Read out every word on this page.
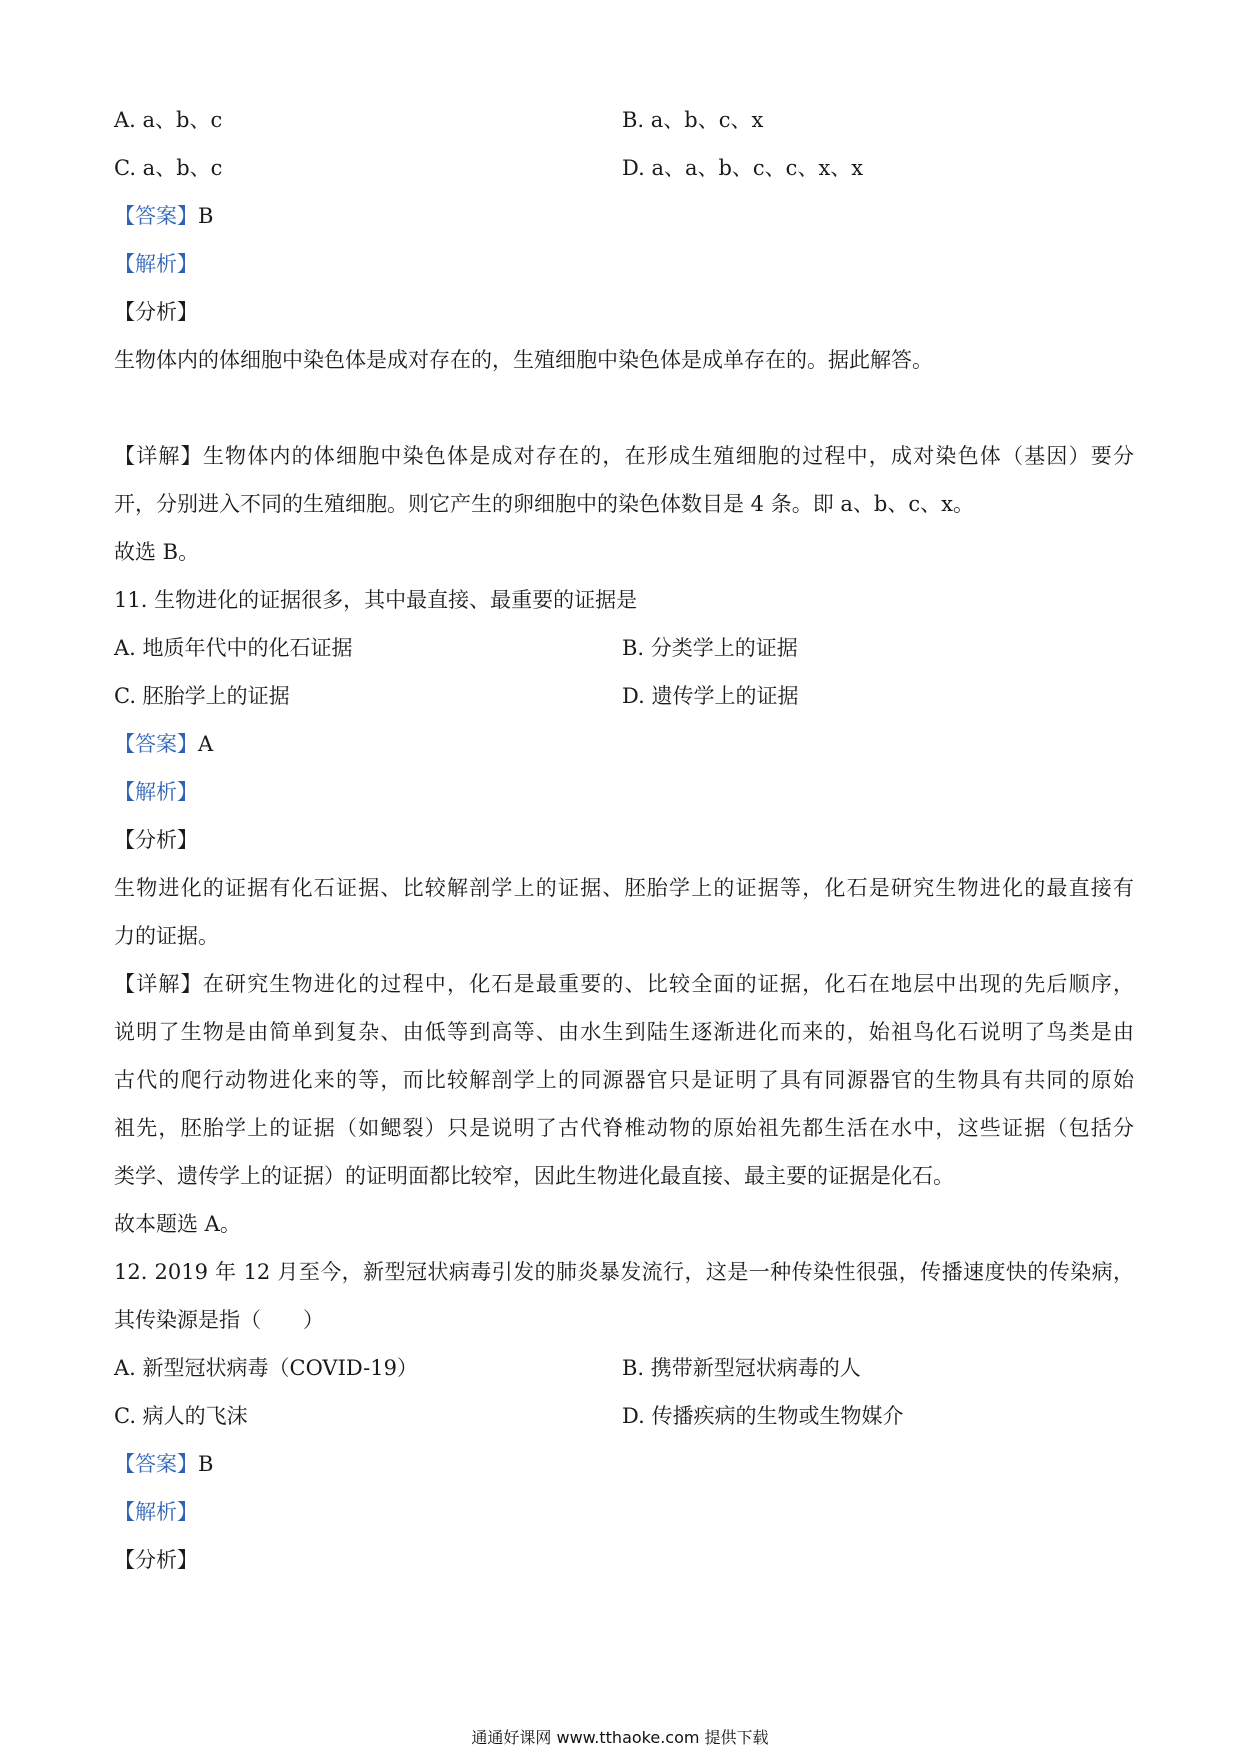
A. a、b、c	B. a、b、c、x
C. a、b、c	D. a、a、b、c、c、x、x
【答案】B
【解析】
【分析】
生物体内的体细胞中染色体是成对存在的，生殖细胞中染色体是成单存在的。据此解答。
【详解】生物体内的体细胞中染色体是成对存在的，在形成生殖细胞的过程中，成对染色体（基因）要分
开，分别进入不同的生殖细胞。则它产生的卵细胞中的染色体数目是 4 条。即 a、b、c、x。
故选 B。
11. 生物进化的证据很多，其中最直接、最重要的证据是
A. 地质年代中的化石证据	B. 分类学上的证据
C. 胚胎学上的证据	D. 遗传学上的证据
【答案】A
【解析】
【分析】
生物进化的证据有化石证据、比较解剖学上的证据、胚胎学上的证据等，化石是研究生物进化的最直接有
力的证据。
【详解】在研究生物进化的过程中，化石是最重要的、比较全面的证据，化石在地层中出现的先后顺序，
说明了生物是由简单到复杂、由低等到高等、由水生到陆生逐渐进化而来的，始祖鸟化石说明了鸟类是由
古代的爬行动物进化来的等，而比较解剖学上的同源器官只是证明了具有同源器官的生物具有共同的原始
祖先，胚胎学上的证据（如鳃裂）只是说明了古代脊椎动物的原始祖先都生活在水中，这些证据（包括分
类学、遗传学上的证据）的证明面都比较窄，因此生物进化最直接、最主要的证据是化石。
故本题选 A。
12. 2019 年 12 月至今，新型冠状病毒引发的肺炎暴发流行，这是一种传染性很强，传播速度快的传染病，
其传染源是指（　　）
A. 新型冠状病毒（COVID-19）	B. 携带新型冠状病毒的人
C. 病人的飞沫	D. 传播疾病的生物或生物媒介
【答案】B
【解析】
【分析】
通通好课网 www.tthaoke.com 提供下载
